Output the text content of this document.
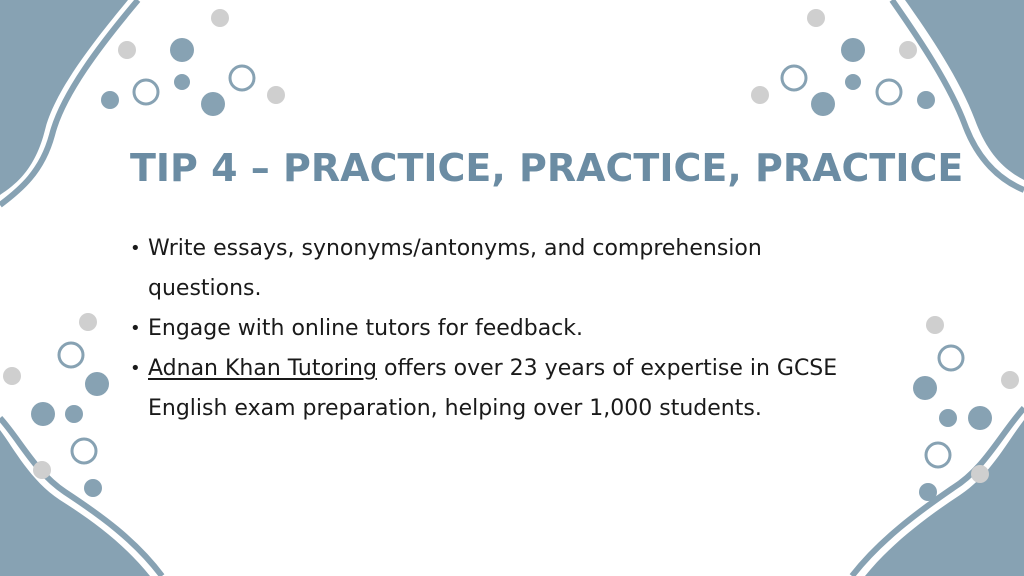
TIP 4 – PRACTICE, PRACTICE, PRACTICE
• Write essays, synonyms/antonyms, and comprehension questions.
• Engage with online tutors for feedback.
• Adnan Khan Tutoring offers over 23 years of expertise in GCSE English exam preparation, helping over 1,000 students.
